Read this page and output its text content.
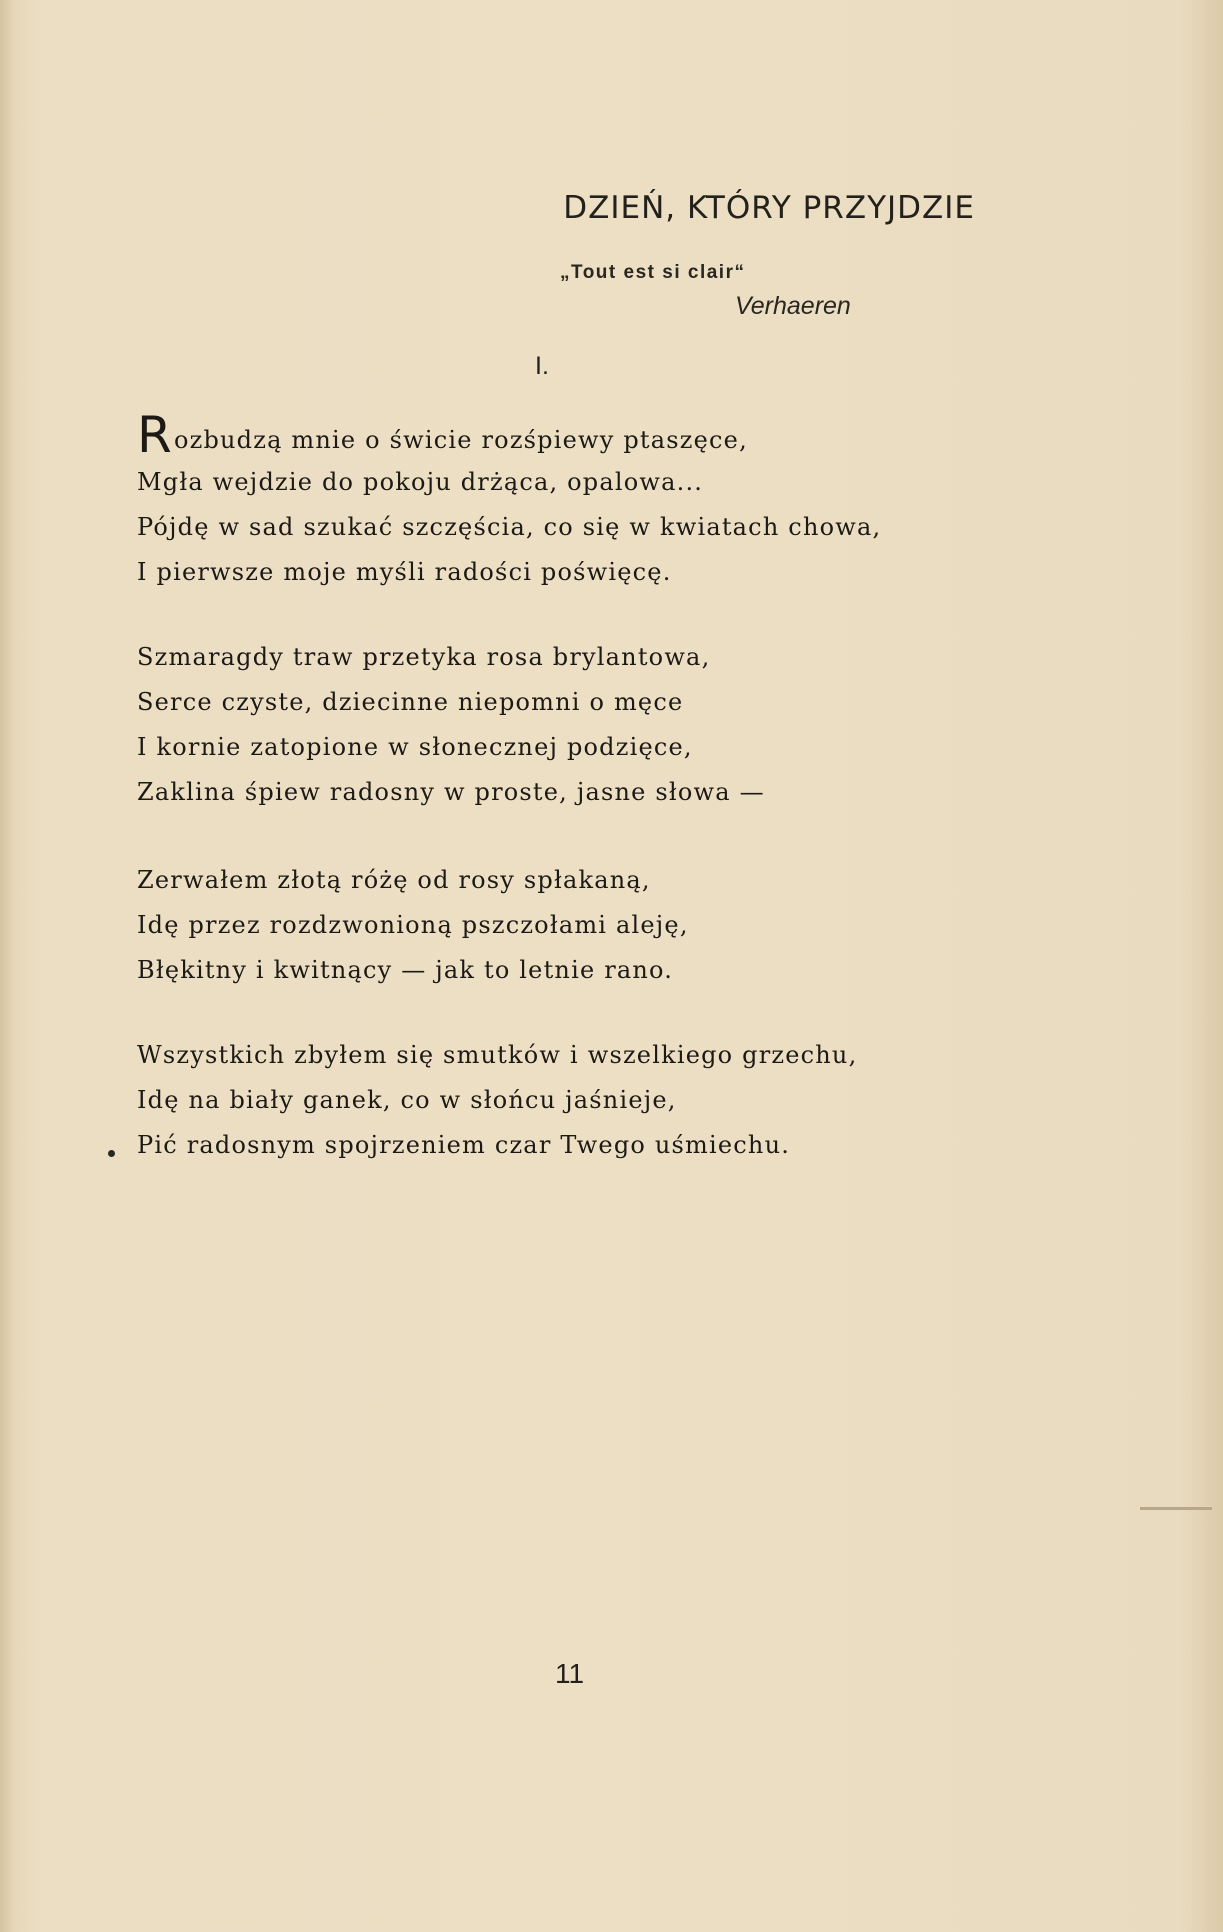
DZIEŃ, KTÓRY PRZYJDZIE
„Tout est si clair“
Verhaeren
I.
Rozbudzą mnie o świcie rozśpiewy ptaszęce,
Mgła wejdzie do pokoju drżąca, opalowa...
Pójdę w sad szukać szczęścia, co się w kwiatach chowa,
I pierwsze moje myśli radości poświęcę.
Szmaragdy traw przetyka rosa brylantowa,
Serce czyste, dziecinne niepomni o męce
I kornie zatopione w słonecznej podzięce,
Zaklina śpiew radosny w proste, jasne słowa —
Zerwałem złotą różę od rosy spłakaną,
Idę przez rozdzwonioną pszczołami aleję,
Błękitny i kwitnący — jak to letnie rano.
Wszystkich zbyłem się smutków i wszelkiego grzechu,
Idę na biały ganek, co w słońcu jaśnieje,
Pić radosnym spojrzeniem czar Twego uśmiechu.
11
